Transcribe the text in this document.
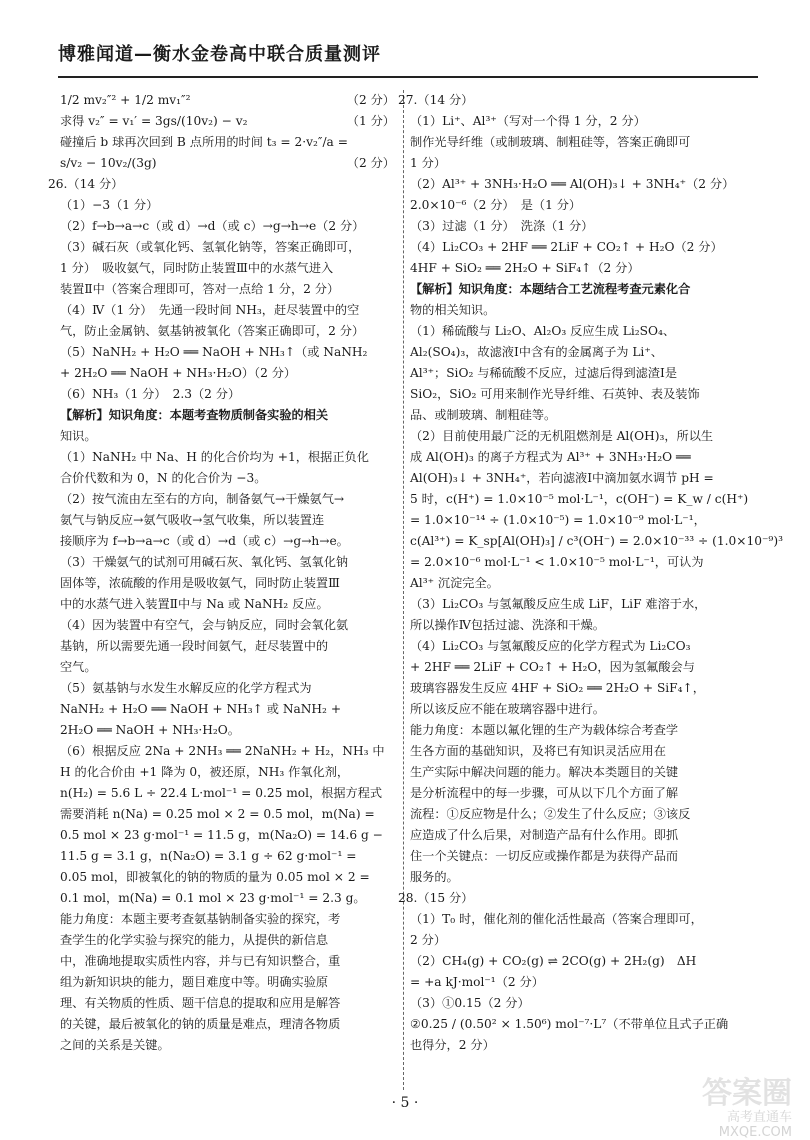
博雅闻道—衡水金卷高中联合质量测评
1/2 mv₂″² + 1/2 mv₁″²	（2 分）
求得 v₂″ = v₁′ = 3gs/(10v₂) − v₂	（1 分）
碰撞后 b 球再次回到 B 点所用的时间 t₃ = 2·v₂″/a =
s/v₂ − 10v₂/(3g)	（2 分）
26.（14 分）
（1）−3（1 分）
（2）f→b→a→c（或 d）→d（或 c）→g→h→e（2 分）
（3）碱石灰（或氧化钙、氢氧化钠等，答案正确即可，
1 分）　吸收氨气，同时防止装置Ⅲ中的水蒸气进入
装置Ⅱ中（答案合理即可，答对一点给 1 分，2 分）
（4）Ⅳ（1 分）　先通一段时间 NH₃，赶尽装置中的空
气，防止金属钠、氨基钠被氧化（答案正确即可，2 分）
（5）NaNH₂ + H₂O ══ NaOH + NH₃↑（或 NaNH₂
+ 2H₂O ══ NaOH + NH₃·H₂O）（2 分）
（6）NH₃（1 分）　2.3（2 分）
【解析】知识角度：本题考查物质制备实验的相关
知识。
（1）NaNH₂ 中 Na、H 的化合价均为 +1，根据正负化
合价代数和为 0，N 的化合价为 −3。
（2）按气流由左至右的方向，制备氨气→干燥氨气→
氨气与钠反应→氨气吸收→氢气收集，所以装置连
接顺序为 f→b→a→c（或 d）→d（或 c）→g→h→e。
（3）干燥氨气的试剂可用碱石灰、氧化钙、氢氧化钠
固体等，浓硫酸的作用是吸收氨气，同时防止装置Ⅲ
中的水蒸气进入装置Ⅱ中与 Na 或 NaNH₂ 反应。
（4）因为装置中有空气，会与钠反应，同时会氧化氨
基钠，所以需要先通一段时间氨气，赶尽装置中的
空气。
（5）氨基钠与水发生水解反应的化学方程式为
NaNH₂ + H₂O ══ NaOH + NH₃↑ 或 NaNH₂ +
2H₂O ══ NaOH + NH₃·H₂O。
（6）根据反应 2Na + 2NH₃ ══ 2NaNH₂ + H₂，NH₃ 中
H 的化合价由 +1 降为 0，被还原，NH₃ 作氧化剂，
n(H₂) = 5.6 L ÷ 22.4 L·mol⁻¹ = 0.25 mol，根据方程式
需要消耗 n(Na) = 0.25 mol × 2 = 0.5 mol，m(Na) =
0.5 mol × 23 g·mol⁻¹ = 11.5 g，m(Na₂O) = 14.6 g −
11.5 g = 3.1 g，n(Na₂O) = 3.1 g ÷ 62 g·mol⁻¹ =
0.05 mol，即被氧化的钠的物质的量为 0.05 mol × 2 =
0.1 mol，m(Na) = 0.1 mol × 23 g·mol⁻¹ = 2.3 g。
能力角度：本题主要考查氨基钠制备实验的探究，考
查学生的化学实验与探究的能力，从提供的新信息
中，准确地提取实质性内容，并与已有知识整合，重
组为新知识块的能力，题目难度中等。明确实验原
理、有关物质的性质、题干信息的提取和应用是解答
的关键，最后被氧化的钠的质量是难点，理清各物质
之间的关系是关键。
27.（14 分）
（1）Li⁺、Al³⁺（写对一个得 1 分，2 分）
制作光导纤维（或制玻璃、制粗硅等，答案正确即可
1 分）
（2）Al³⁺ + 3NH₃·H₂O ══ Al(OH)₃↓ + 3NH₄⁺（2 分）
2.0×10⁻⁶（2 分）　是（1 分）
（3）过滤（1 分）　洗涤（1 分）
（4）Li₂CO₃ + 2HF ══ 2LiF + CO₂↑ + H₂O（2 分）
4HF + SiO₂ ══ 2H₂O + SiF₄↑（2 分）
【解析】知识角度：本题结合工艺流程考查元素化合
物的相关知识。
（1）稀硫酸与 Li₂O、Al₂O₃ 反应生成 Li₂SO₄、
Al₂(SO₄)₃，故滤液Ⅰ中含有的金属离子为 Li⁺、
Al³⁺；SiO₂ 与稀硫酸不反应，过滤后得到滤渣Ⅰ是
SiO₂，SiO₂ 可用来制作光导纤维、石英钟、表及装饰
品、或制玻璃、制粗硅等。
（2）目前使用最广泛的无机阻燃剂是 Al(OH)₃，所以生
成 Al(OH)₃ 的离子方程式为 Al³⁺ + 3NH₃·H₂O ══
Al(OH)₃↓ + 3NH₄⁺，若向滤液Ⅰ中滴加氨水调节 pH =
5 时，c(H⁺) = 1.0×10⁻⁵ mol·L⁻¹，c(OH⁻) = K_w / c(H⁺)
= 1.0×10⁻¹⁴ ÷ (1.0×10⁻⁵) = 1.0×10⁻⁹ mol·L⁻¹，
c(Al³⁺) = K_sp[Al(OH)₃] / c³(OH⁻) = 2.0×10⁻³³ ÷ (1.0×10⁻⁹)³
= 2.0×10⁻⁶ mol·L⁻¹ < 1.0×10⁻⁵ mol·L⁻¹，可认为
Al³⁺ 沉淀完全。
（3）Li₂CO₃ 与氢氟酸反应生成 LiF，LiF 难溶于水，
所以操作Ⅳ包括过滤、洗涤和干燥。
（4）Li₂CO₃ 与氢氟酸反应的化学方程式为 Li₂CO₃
+ 2HF ══ 2LiF + CO₂↑ + H₂O，因为氢氟酸会与
玻璃容器发生反应 4HF + SiO₂ ══ 2H₂O + SiF₄↑，
所以该反应不能在玻璃容器中进行。
能力角度：本题以氟化锂的生产为载体综合考查学
生各方面的基础知识，及将已有知识灵活应用在
生产实际中解决问题的能力。解决本类题目的关键
是分析流程中的每一步骤，可从以下几个方面了解
流程：①反应物是什么；②发生了什么反应；③该反
应造成了什么后果，对制造产品有什么作用。即抓
住一个关键点：一切反应或操作都是为获得产品而
服务的。
28.（15 分）
（1）T₀ 时，催化剂的催化活性最高（答案合理即可，
2 分）
（2）CH₄(g) + CO₂(g) ⇌ 2CO(g) + 2H₂(g)　ΔH
= +a kJ·mol⁻¹（2 分）
（3）①0.15（2 分）
②0.25 / (0.50² × 1.50⁶) mol⁻⁷·L⁷（不带单位且式子正确
也得分，2 分）
· 5 ·	答案圈
高考直通车
MXQE.COM
